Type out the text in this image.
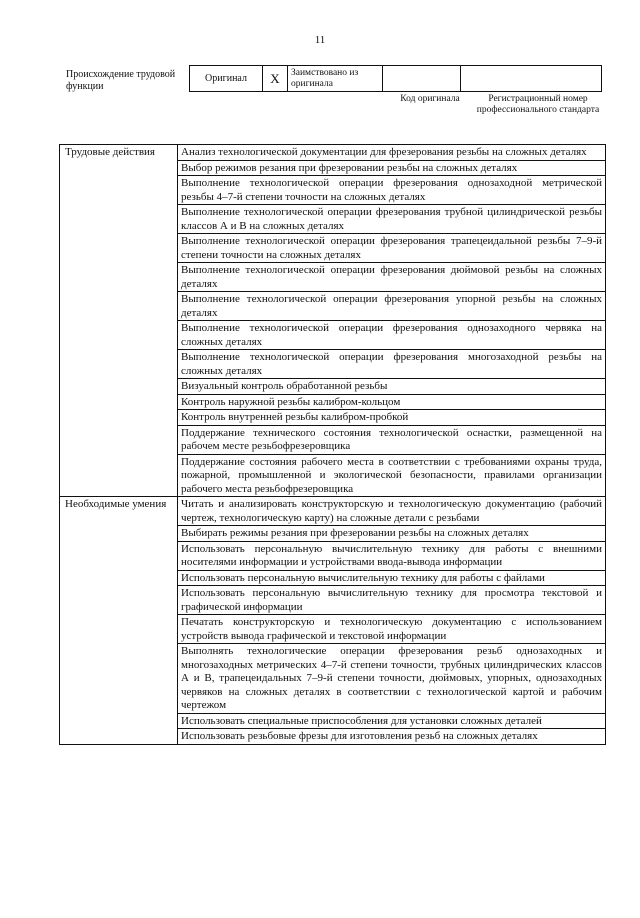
11
Происхождение трудовой функции
Оригинал	X	Заимствовано из оригинала		
Код оригинала	Регистрационный номер профессионального стандарта
Трудовые действия	Анализ технологической документации для фрезерования резьбы на сложных деталях
	Выбор режимов резания при фрезеровании резьбы на сложных деталях
	Выполнение технологической операции фрезерования однозаходной метрической резьбы 4–7-й степени точности на сложных деталях
	Выполнение технологической операции фрезерования трубной цилиндрической резьбы классов А и В на сложных деталях
	Выполнение технологической операции фрезерования трапецеидальной резьбы 7–9-й степени точности на сложных деталях
	Выполнение технологической операции фрезерования дюймовой резьбы на сложных деталях
	Выполнение технологической операции фрезерования упорной резьбы на сложных деталях
	Выполнение технологической операции фрезерования однозаходного червяка на сложных деталях
	Выполнение технологической операции фрезерования многозаходной резьбы на сложных деталях
	Визуальный контроль обработанной резьбы
	Контроль наружной резьбы калибром-кольцом
	Контроль внутренней резьбы калибром-пробкой
	Поддержание технического состояния технологической оснастки, размещенной на рабочем месте резьбофрезеровщика
	Поддержание состояния рабочего места в соответствии с требованиями охраны труда, пожарной, промышленной и экологической безопасности, правилами организации рабочего места резьбофрезеровщика
Необходимые умения	Читать и анализировать конструкторскую и технологическую документацию (рабочий чертеж, технологическую карту) на сложные детали с резьбами
	Выбирать режимы резания при фрезеровании резьбы на сложных деталях
	Использовать персональную вычислительную технику для работы с внешними носителями информации и устройствами ввода-вывода информации
	Использовать персональную вычислительную технику для работы с файлами
	Использовать персональную вычислительную технику для просмотра текстовой и графической информации
	Печатать конструкторскую и технологическую документацию с использованием устройств вывода графической и текстовой информации
	Выполнять технологические операции фрезерования резьб однозаходных и многозаходных метрических 4–7-й степени точности, трубных цилиндрических классов А и В, трапецеидальных 7–9-й степени точности, дюймовых, упорных, однозаходных червяков на сложных деталях в соответствии с технологической картой и рабочим чертежом
	Использовать специальные приспособления для установки сложных деталей
	Использовать резьбовые фрезы для изготовления резьб на сложных деталях
